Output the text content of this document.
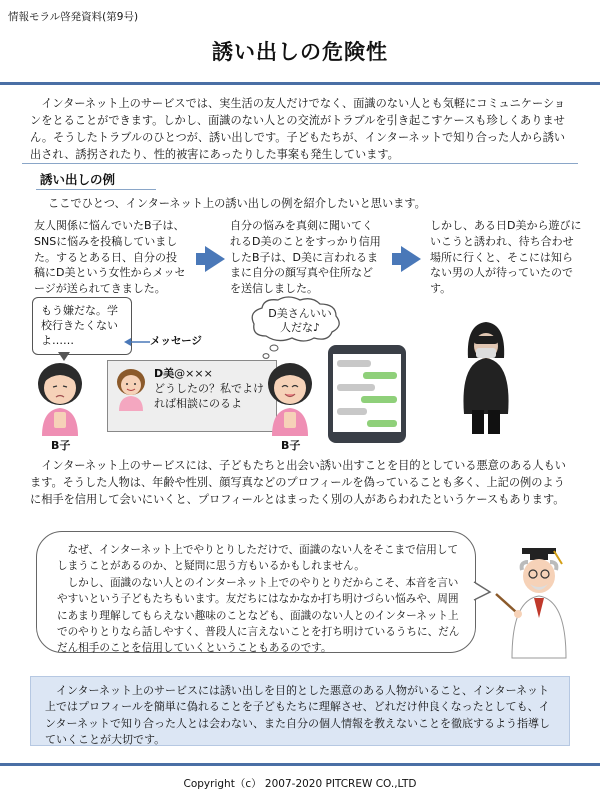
情報モラル啓発資料(第9号)
誘い出しの危険性
インターネット上のサービスでは、実生活の友人だけでなく、面識のない人とも気軽にコミュニケーションをとることができます。しかし、面識のない人との交流がトラブルを引き起こすケースも珍しくありません。そうしたトラブルのひとつが、誘い出しです。子どもたちが、インターネットで知り合った人から誘い出され、誘拐されたり、性的被害にあったりした事案も発生しています。
誘い出しの例
ここでひとつ、インターネット上の誘い出しの例を紹介したいと思います。
友人関係に悩んでいたB子は、SNSに悩みを投稿していました。するとある日、自分の投稿にD美という女性からメッセージが送られてきました。
自分の悩みを真剣に聞いてくれるD美のことをすっかり信用したB子は、D美に言われるままに自分の顔写真や住所などを送信しました。
しかし、ある日D美から遊びにいこうと誘われ、待ち合わせ場所に行くと、そこには知らない男の人が待っていたのです。
もう嫌だな。学校行きたくないよ……
B子
メッセージ
D美@×××
どうしたの？私でよければ相談にのるよ
D美さんいい人だな♪
B子
インターネット上のサービスには、子どもたちと出会い誘い出すことを目的としている悪意のある人もいます。そうした人物は、年齢や性別、顔写真などのプロフィールを偽っていることも多く、上記の例のように相手を信用して会いにいくと、プロフィールとはまったく別の人があらわれたというケースもあります。

なぜ、インターネット上でやりとりしただけで、面識のない人をそこまで信用してしまうことがあるのか、と疑問に思う方もいるかもしれません。

しかし、面識のない人とのインターネット上でのやりとりだからこそ、本音を言いやすいという子どもたちもいます。友だちにはなかなか打ち明けづらい悩みや、周囲にあまり理解してもらえない趣味のことなども、面識のない人とのインターネット上でのやりとりなら話しやすく、普段人に言えないことを打ち明けているうちに、だんだん相手のことを信用していくということもあるのです。

インターネット上のサービスには誘い出しを目的とした悪意のある人物がいること、インターネット上ではプロフィールを簡単に偽れることを子どもたちに理解させ、どれだけ仲良くなったとしても、インターネットで知り合った人とは会わない、また自分の個人情報を教えないことを徹底するよう指導していくことが大切です。
Copyright（c） 2007-2020 PITCREW CO.,LTD
